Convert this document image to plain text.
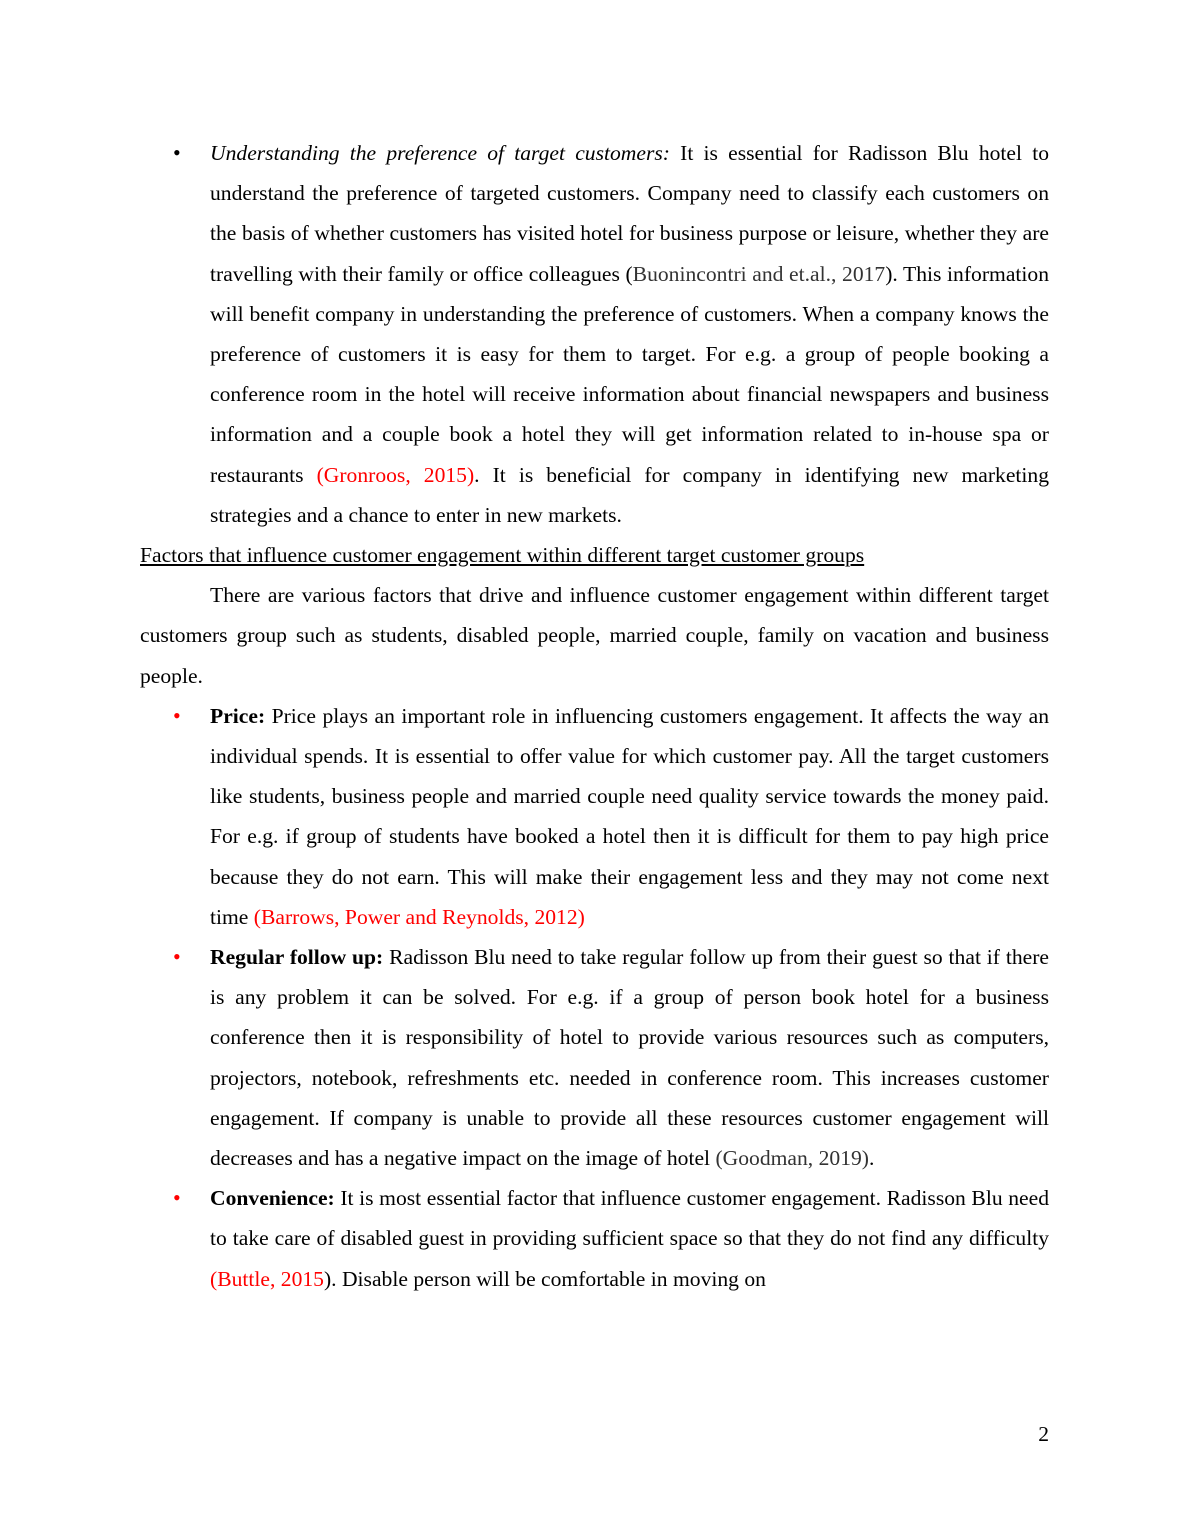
• Understanding the preference of target customers: It is essential for Radisson Blu hotel to understand the preference of targeted customers. Company need to classify each customers on the basis of whether customers has visited hotel for business purpose or leisure, whether they are travelling with their family or office colleagues (Buonincontri and et.al., 2017). This information will benefit company in understanding the preference of customers. When a company knows the preference of customers it is easy for them to target. For e.g. a group of people booking a conference room in the hotel will receive information about financial newspapers and business information and a couple book a hotel they will get information related to in-house spa or restaurants (Gronroos, 2015). It is beneficial for company in identifying new marketing strategies and a chance to enter in new markets.
Factors that influence customer engagement within different target customer groups
There are various factors that drive and influence customer engagement within different target customers group such as students, disabled people, married couple, family on vacation and business people.
• Price: Price plays an important role in influencing customers engagement. It affects the way an individual spends. It is essential to offer value for which customer pay. All the target customers like students, business people and married couple need quality service towards the money paid. For e.g. if group of students have booked a hotel then it is difficult for them to pay high price because they do not earn. This will make their engagement less and they may not come next time (Barrows, Power and Reynolds, 2012)
• Regular follow up: Radisson Blu need to take regular follow up from their guest so that if there is any problem it can be solved. For e.g. if a group of person book hotel for a business conference then it is responsibility of hotel to provide various resources such as computers, projectors, notebook, refreshments etc. needed in conference room. This increases customer engagement. If company is unable to provide all these resources customer engagement will decreases and has a negative impact on the image of hotel (Goodman, 2019).
• Convenience: It is most essential factor that influence customer engagement. Radisson Blu need to take care of disabled guest in providing sufficient space so that they do not find any difficulty (Buttle, 2015). Disable person will be comfortable in moving on
2
